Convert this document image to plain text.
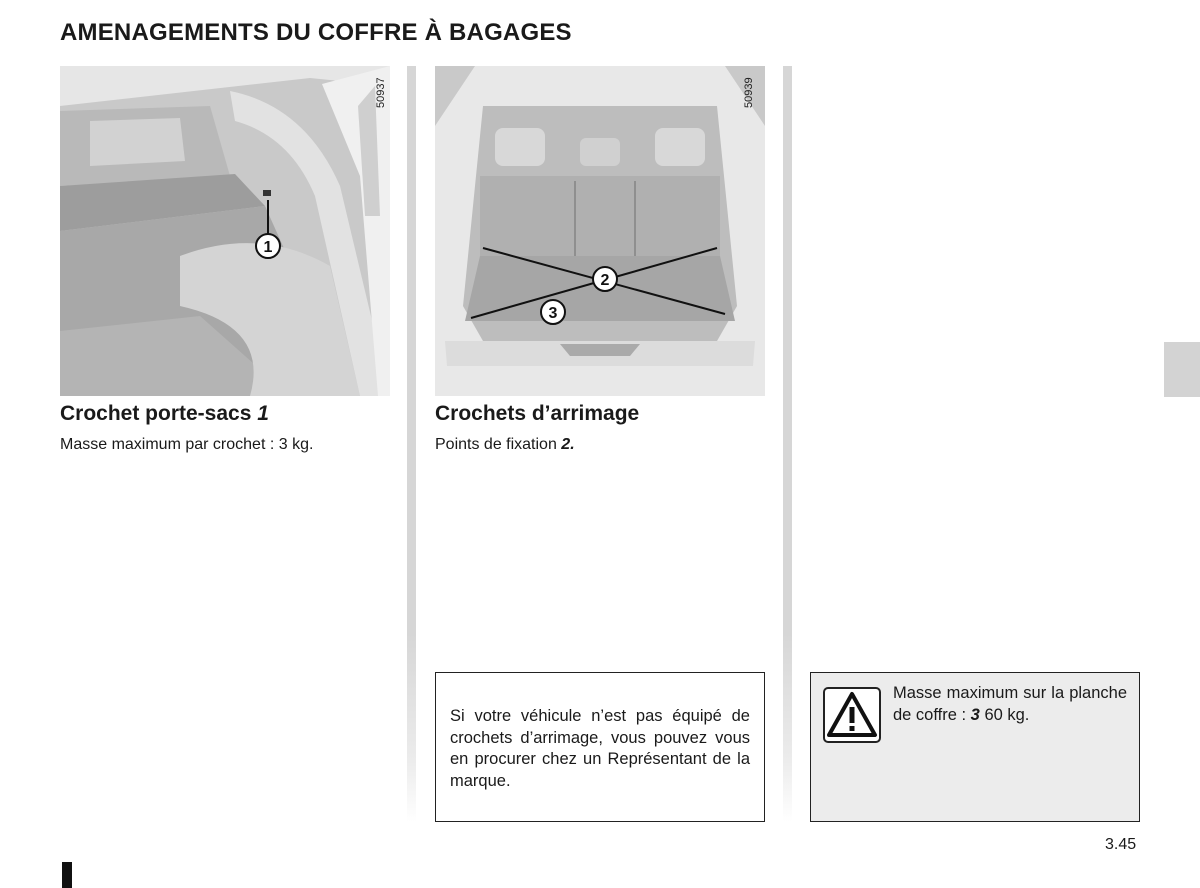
AMENAGEMENTS DU COFFRE À BAGAGES
1
50937
Crochet porte-sacs 1

Masse maximum par crochet : 3 kg.

2
3
50939
Crochets d’arrimage

Points de fixation 2.

Si votre véhicule n’est pas équipé de crochets d’arrimage, vous pouvez vous en procurer chez un Représentant de la marque.

Masse maximum sur la planche de coffre : 3 60 kg.

3.45
